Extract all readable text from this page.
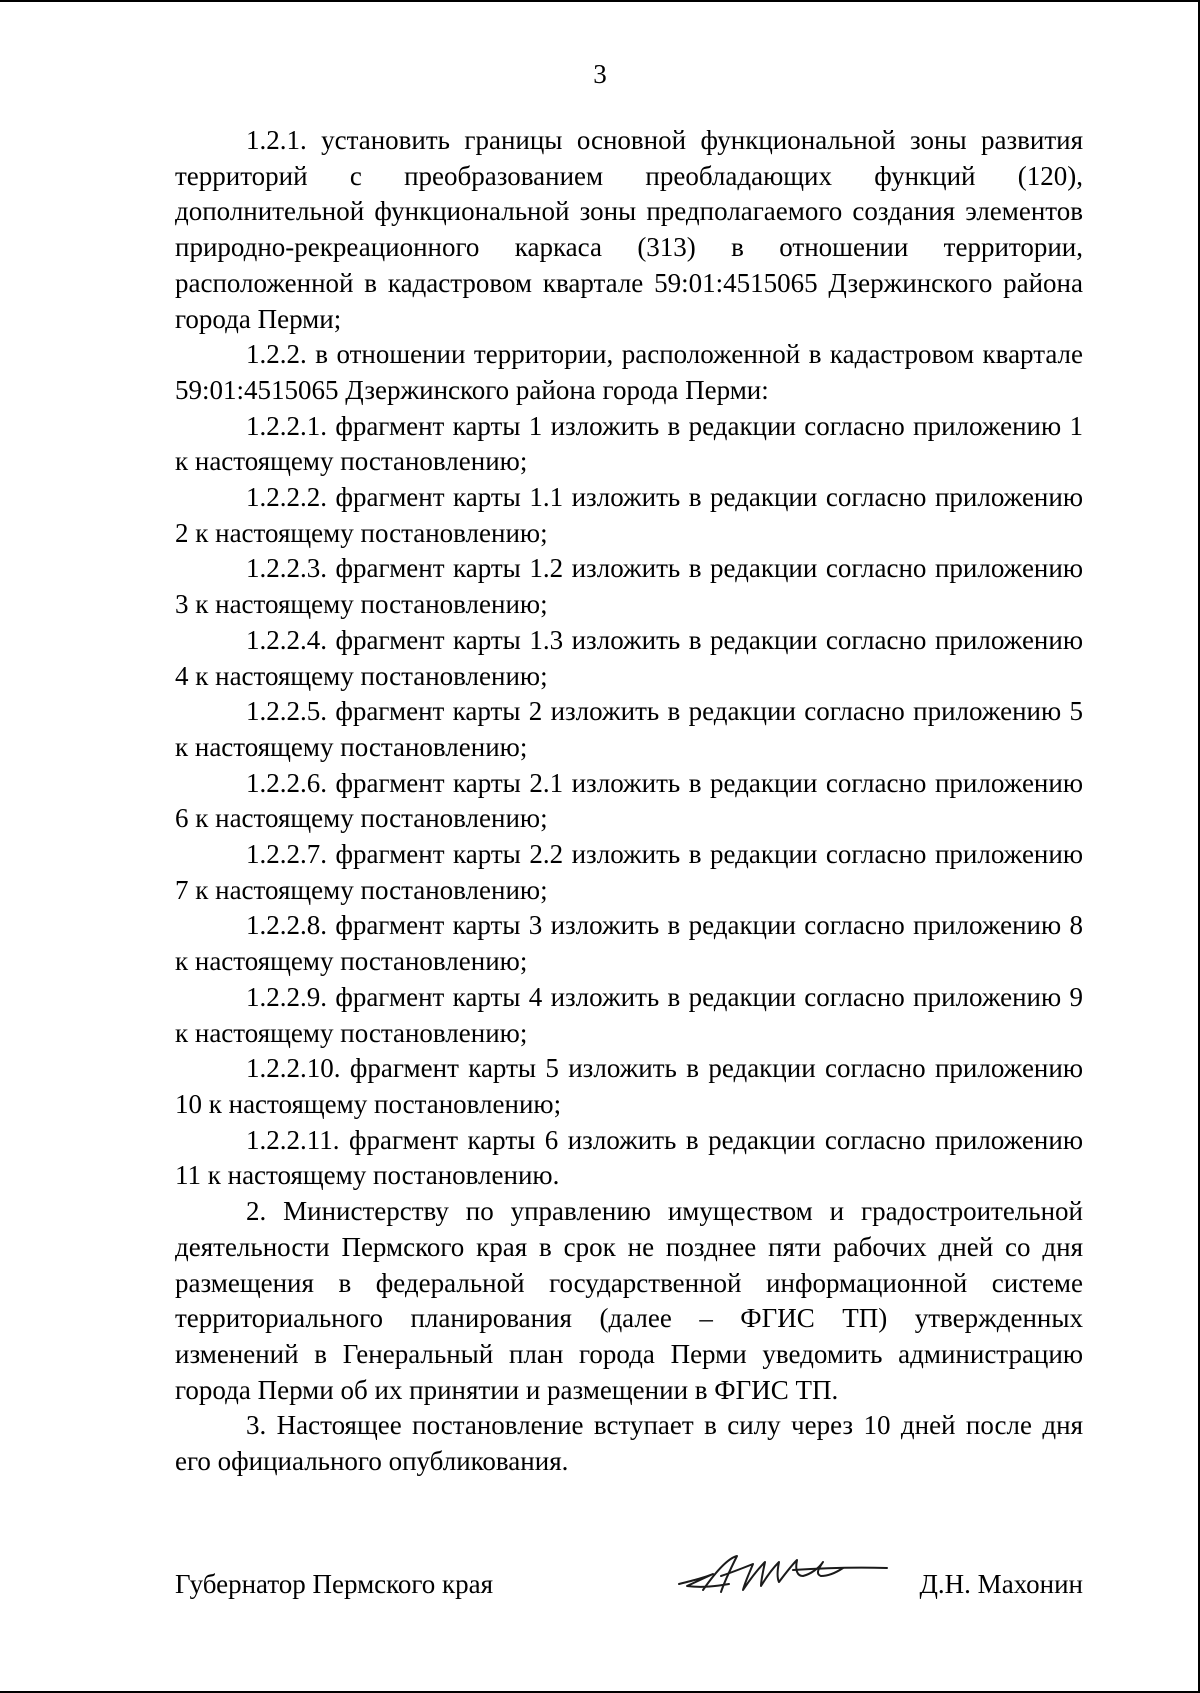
3

1.2.1. установить границы основной функциональной зоны развития территорий с преобразованием преобладающих функций (120), дополнительной функциональной зоны предполагаемого создания элементов природно-рекреационного каркаса (313) в отношении территории, расположенной в кадастровом квартале 59:01:4515065 Дзержинского района города Перми;

1.2.2. в отношении территории, расположенной в кадастровом квартале 59:01:4515065 Дзержинского района города Перми:

1.2.2.1. фрагмент карты 1 изложить в редакции согласно приложению 1 к настоящему постановлению;

1.2.2.2. фрагмент карты 1.1 изложить в редакции согласно приложению 2 к настоящему постановлению;

1.2.2.3. фрагмент карты 1.2 изложить в редакции согласно приложению 3 к настоящему постановлению;

1.2.2.4. фрагмент карты 1.3 изложить в редакции согласно приложению 4 к настоящему постановлению;

1.2.2.5. фрагмент карты 2 изложить в редакции согласно приложению 5 к настоящему постановлению;

1.2.2.6. фрагмент карты 2.1 изложить в редакции согласно приложению 6 к настоящему постановлению;

1.2.2.7. фрагмент карты 2.2 изложить в редакции согласно приложению 7 к настоящему постановлению;

1.2.2.8. фрагмент карты 3 изложить в редакции согласно приложению 8 к настоящему постановлению;

1.2.2.9. фрагмент карты 4 изложить в редакции согласно приложению 9 к настоящему постановлению;

1.2.2.10. фрагмент карты 5 изложить в редакции согласно приложению 10 к настоящему постановлению;

1.2.2.11. фрагмент карты 6 изложить в редакции согласно приложению 11 к настоящему постановлению.

2. Министерству по управлению имуществом и градостроительной деятельности Пермского края в срок не позднее пяти рабочих дней со дня размещения в федеральной государственной информационной системе территориального планирования (далее – ФГИС ТП) утвержденных изменений в Генеральный план города Перми уведомить администрацию города Перми об их принятии и размещении в ФГИС ТП.

3. Настоящее постановление вступает в силу через 10 дней после дня его официального опубликования.

Губернатор Пермского края	Д.Н. Махонин
